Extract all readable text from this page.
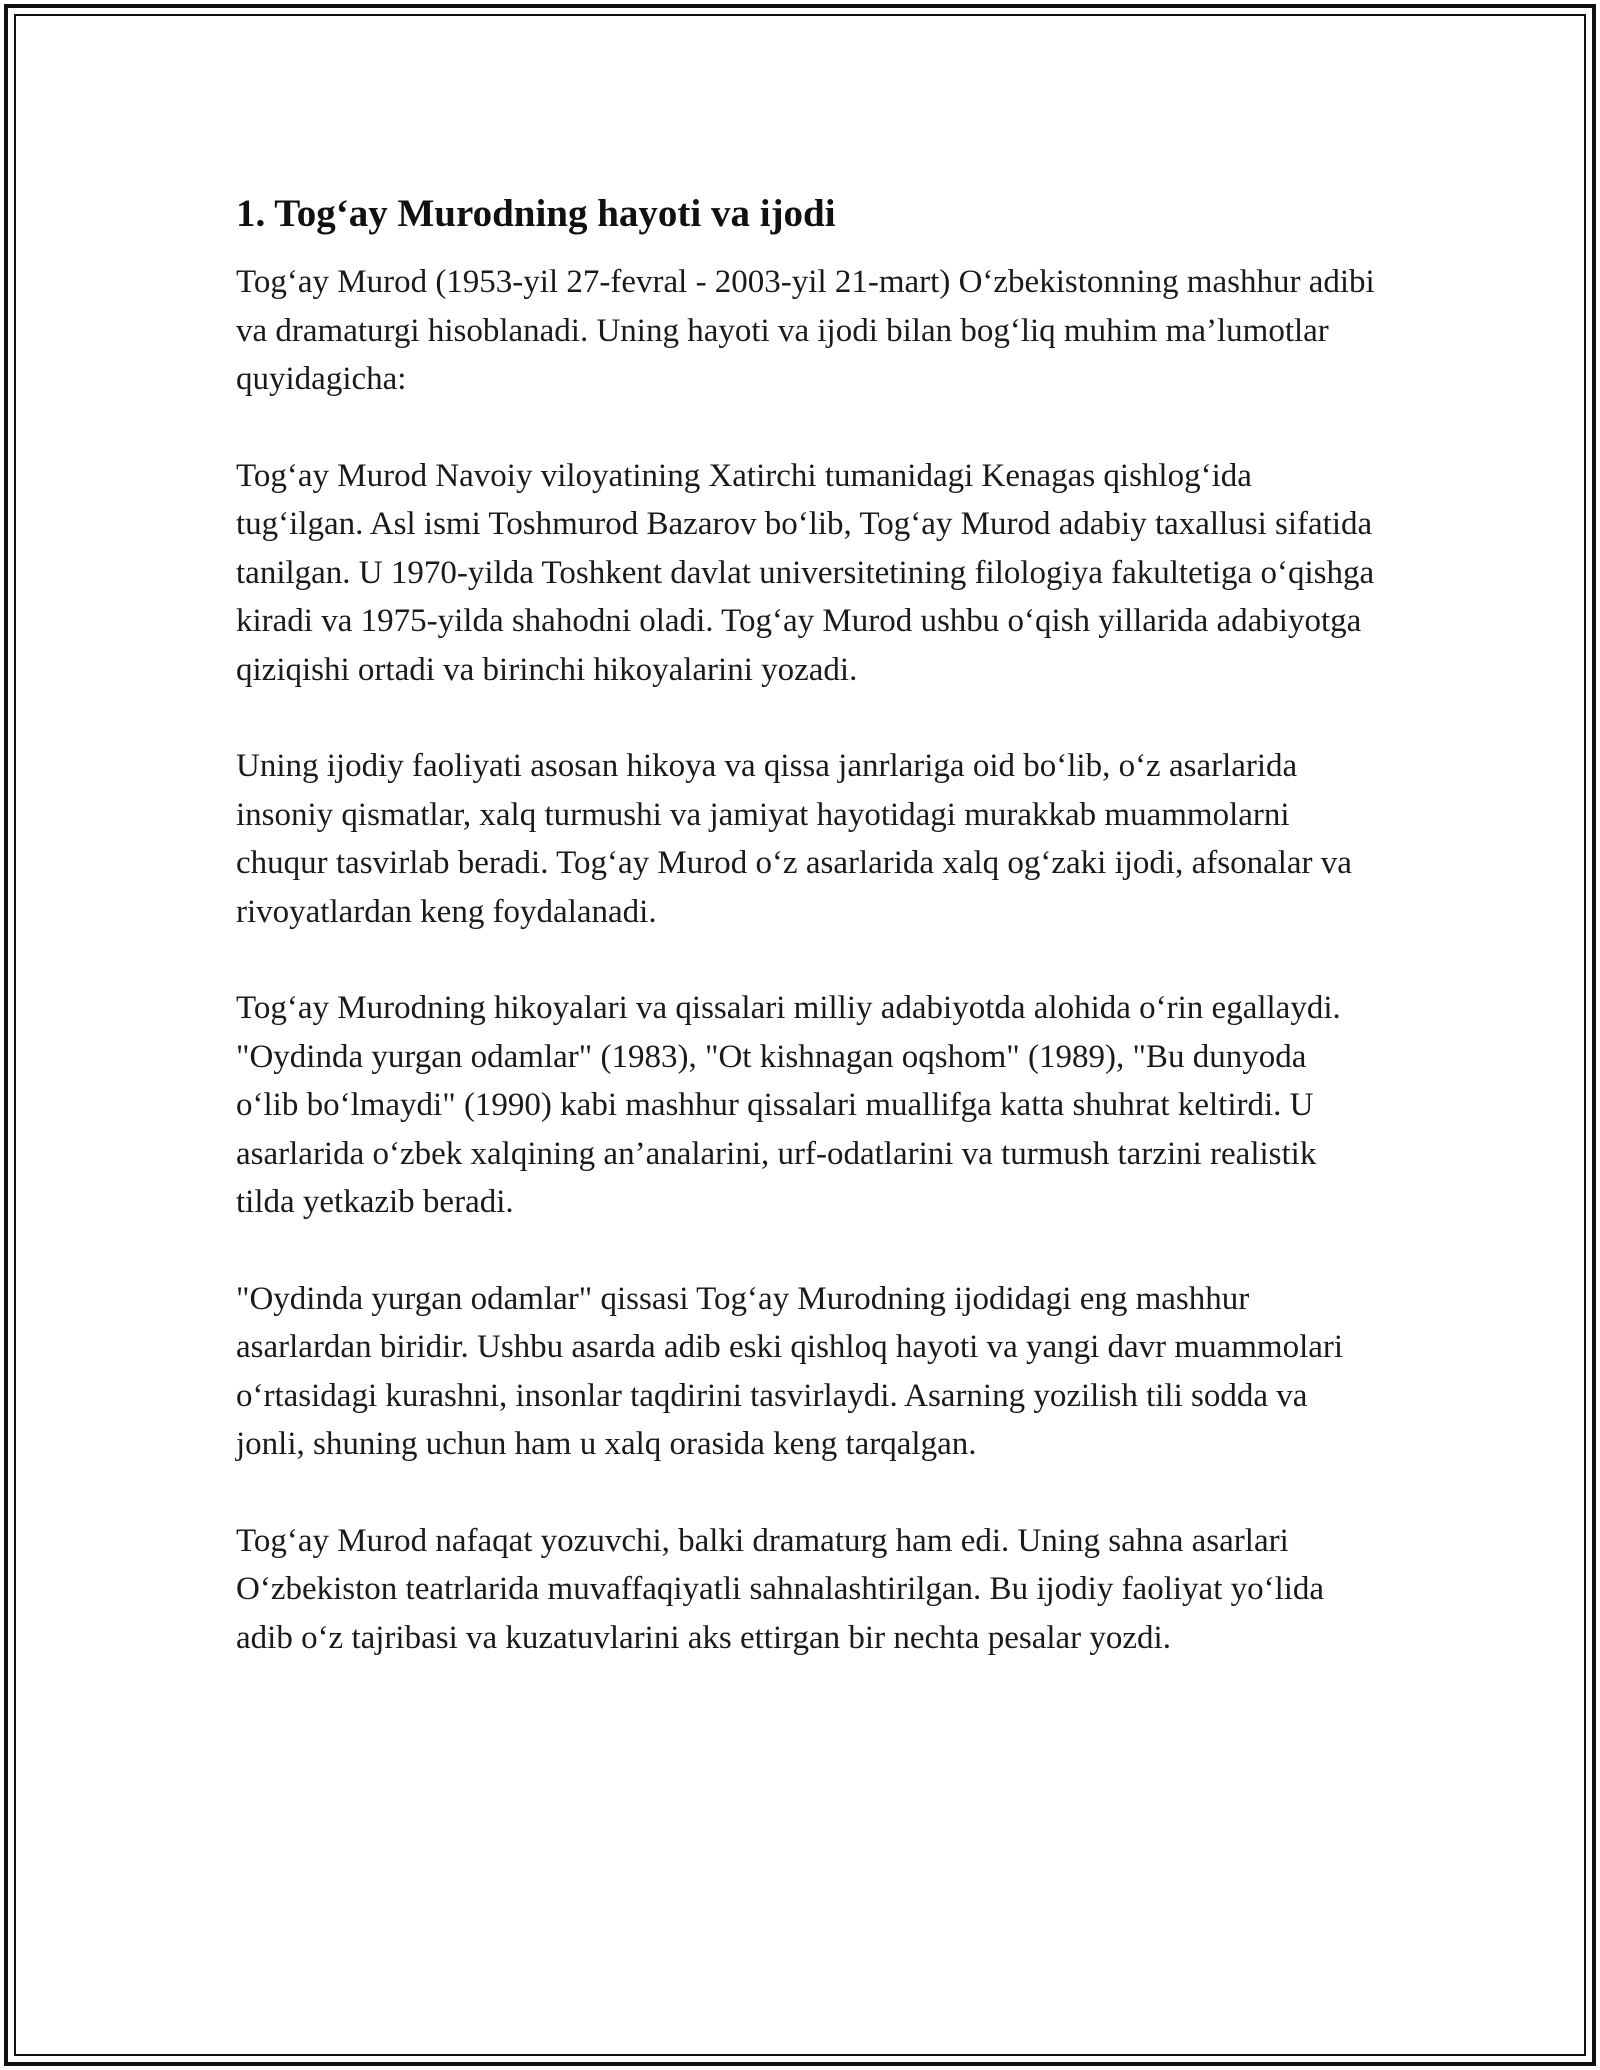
1. Tog‘ay Murodning hayoti va ijodi

Tog‘ay Murod (1953-yil 27-fevral - 2003-yil 21-mart) O‘zbekistonning mashhur adibi va dramaturgi hisoblanadi. Uning hayoti va ijodi bilan bog‘liq muhim ma’lumotlar quyidagicha:

Tog‘ay Murod Navoiy viloyatining Xatirchi tumanidagi Kenagas qishlog‘ida tug‘ilgan. Asl ismi Toshmurod Bazarov bo‘lib, Tog‘ay Murod adabiy taxallusi sifatida tanilgan. U 1970-yilda Toshkent davlat universitetining filologiya fakultetiga o‘qishga kiradi va 1975-yilda shahodni oladi. Tog‘ay Murod ushbu o‘qish yillarida adabiyotga qiziqishi ortadi va birinchi hikoyalarini yozadi.

Uning ijodiy faoliyati asosan hikoya va qissa janrlariga oid bo‘lib, o‘z asarlarida insoniy qismatlar, xalq turmushi va jamiyat hayotidagi murakkab muammolarni chuqur tasvirlab beradi. Tog‘ay Murod o‘z asarlarida xalq og‘zaki ijodi, afsonalar va rivoyatlardan keng foydalanadi.

Tog‘ay Murodning hikoyalari va qissalari milliy adabiyotda alohida o‘rin egallaydi. "Oydinda yurgan odamlar" (1983), "Ot kishnagan oqshom" (1989), "Bu dunyoda o‘lib bo‘lmaydi" (1990) kabi mashhur qissalari muallifga katta shuhrat keltirdi. U asarlarida o‘zbek xalqining an’analarini, urf-odatlarini va turmush tarzini realistik tilda yetkazib beradi.

"Oydinda yurgan odamlar" qissasi Tog‘ay Murodning ijodidagi eng mashhur asarlardan biridir. Ushbu asarda adib eski qishloq hayoti va yangi davr muammolari o‘rtasidagi kurashni, insonlar taqdirini tasvirlaydi. Asarning yozilish tili sodda va jonli, shuning uchun ham u xalq orasida keng tarqalgan.

Tog‘ay Murod nafaqat yozuvchi, balki dramaturg ham edi. Uning sahna asarlari O‘zbekiston teatrlarida muvaffaqiyatli sahnalashtirilgan. Bu ijodiy faoliyat yo‘lida adib o‘z tajribasi va kuzatuvlarini aks ettirgan bir nechta pesalar yozdi.
